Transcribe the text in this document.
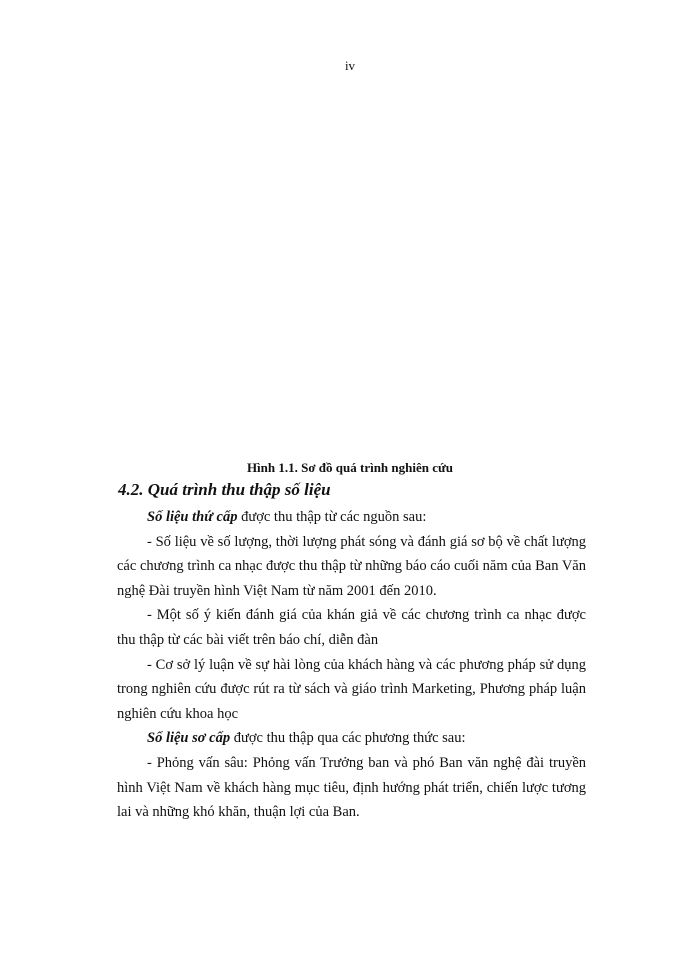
iv
Hình 1.1. Sơ đồ quá trình nghiên cứu
4.2. Quá trình thu thập số liệu

Số liệu thứ cấp được thu thập từ các nguồn sau:

- Số liệu về số lượng, thời lượng phát sóng và đánh giá sơ bộ về chất lượng các chương trình ca nhạc được thu thập từ những báo cáo cuối năm của Ban Văn nghệ Đài truyền hình Việt Nam từ năm 2001 đến 2010.

- Một số ý kiến đánh giá của khán giả về các chương trình ca nhạc được thu thập từ các bài viết trên báo chí, diễn đàn

- Cơ sở lý luận về sự hài lòng của khách hàng và các phương pháp sử dụng trong nghiên cứu được rút ra từ sách và giáo trình Marketing, Phương pháp luận nghiên cứu khoa học

Số liệu sơ cấp được thu thập qua các phương thức sau:

- Phỏng vấn sâu: Phỏng vấn Trưởng ban và phó Ban văn nghệ đài truyền hình Việt Nam về khách hàng mục tiêu, định hướng phát triển, chiến lược tương lai và những khó khăn, thuận lợi của Ban.
